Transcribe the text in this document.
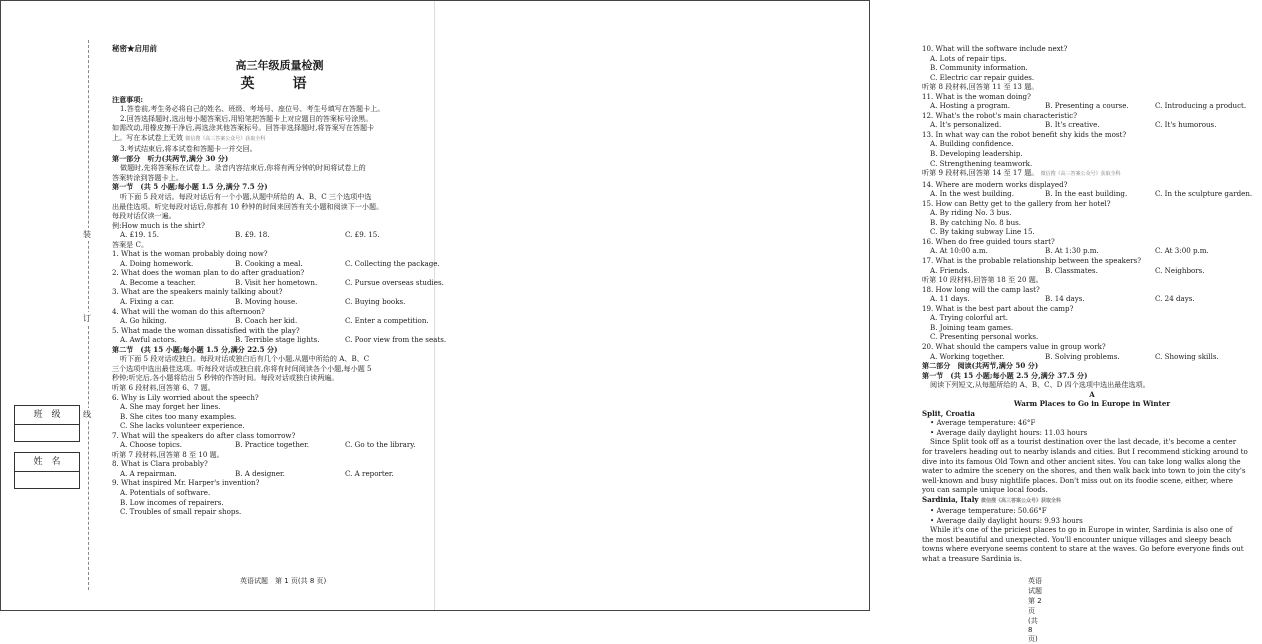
班　级
姓　名
装
订
线
秘密★启用前
高三年级质量检测
英　语
注意事项:
1.答卷前,考生务必将自己的姓名、班级、考场号、座位号、考生号填写在答题卡上。
2.回答选择题时,选出每小题答案后,用铅笔把答题卡上对应题目的答案标号涂黑。
如需改动,用橡皮擦干净后,再选涂其他答案标号。回答非选择题时,将答案写在答题卡
上。写在本试卷上无效 微信搜《高三答案公众号》获取全科
3.考试结束后,将本试卷和答题卡一并交回。
第一部分　听力(共两节,满分 30 分)
做题时,先将答案标在试卷上。录音内容结束后,你将有两分钟的时间将试卷上的
答案转涂到答题卡上。
第一节　(共 5 小题;每小题 1.5 分,满分 7.5 分)
听下面 5 段对话。每段对话后有一个小题,从题中所给的 A、B、C 三个选项中选
出最佳选项。听完每段对话后,你都有 10 秒钟的时间来回答有关小题和阅读下一小题。
每段对话仅读一遍。
例:How much is the shirt?
A. £19. 15.	B. £9. 18.	C. £9. 15.
答案是 C。
1. What is the woman probably doing now?
A. Doing homework.	B. Cooking a meal.	C. Collecting the package.
2. What does the woman plan to do after graduation?
A. Become a teacher.	B. Visit her hometown.	C. Pursue overseas studies.
3. What are the speakers mainly talking about?
A. Fixing a car.	B. Moving house.	C. Buying books.
4. What will the woman do this afternoon?
A. Go hiking.	B. Coach her kid.	C. Enter a competition.
5. What made the woman dissatisfied with the play?
A. Awful actors.	B. Terrible stage lights.	C. Poor view from the seats.
第二节　(共 15 小题;每小题 1.5 分,满分 22.5 分)
听下面 5 段对话或独白。每段对话或独白后有几个小题,从题中所给的 A、B、C
三个选项中选出最佳选项。听每段对话或独白前,你将有时间阅读各个小题,每小题 5
秒钟;听完后,各小题将给出 5 秒钟的作答时间。每段对话或独白读两遍。
听第 6 段材料,回答第 6、7 题。
6. Why is Lily worried about the speech?
A. She may forget her lines.
B. She cites too many examples.
C. She lacks volunteer experience.
7. What will the speakers do after class tomorrow?
A. Choose topics.	B. Practice together.	C. Go to the library.
听第 7 段材料,回答第 8 至 10 题。
8. What is Clara probably?
A. A repairman.	B. A designer.	C. A reporter.
9. What inspired Mr. Harper's invention?
A. Potentials of software.
B. Low incomes of repairers.
C. Troubles of small repair shops.
英语试题　第 1 页(共 8 页)
10. What will the software include next?
A. Lots of repair tips.
B. Community information.
C. Electric car repair guides.
听第 8 段材料,回答第 11 至 13 题。
11. What is the woman doing?
A. Hosting a program.	B. Presenting a course.	C. Introducing a product.
12. What's the robot's main characteristic?
A. It's personalized.	B. It's creative.	C. It's humorous.
13. In what way can the robot benefit shy kids the most?
A. Building confidence.
B. Developing leadership.
C. Strengthening teamwork.
听第 9 段材料,回答第 14 至 17 题。 微信搜《高三答案公众号》获取全科
14. Where are modern works displayed?
A. In the west building.	B. In the east building.	C. In the sculpture garden.
15. How can Betty get to the gallery from her hotel?
A. By riding No. 3 bus.
B. By catching No. 8 bus.
C. By taking subway Line 15.
16. When do free guided tours start?
A. At 10:00 a.m.	B. At 1:30 p.m.	C. At 3:00 p.m.
17. What is the probable relationship between the speakers?
A. Friends.	B. Classmates.	C. Neighbors.
听第 10 段材料,回答第 18 至 20 题。
18. How long will the camp last?
A. 11 days.	B. 14 days.	C. 24 days.
19. What is the best part about the camp?
A. Trying colorful art.
B. Joining team games.
C. Presenting personal works.
20. What should the campers value in group work?
A. Working together.	B. Solving problems.	C. Showing skills.
第二部分　阅读(共两节,满分 50 分)
第一节　(共 15 小题;每小题 2.5 分,满分 37.5 分)
阅读下列短文,从每题所给的 A、B、C、D 四个选项中选出最佳选项。
A
Warm Places to Go in Europe in Winter
Split, Croatia
• Average temperature: 46°F
• Average daily daylight hours: 11.03 hours
Since Split took off as a tourist destination over the last decade, it's become a center
for travelers heading out to nearby islands and cities. But I recommend sticking around to
dive into its famous Old Town and other ancient sites. You can take long walks along the
water to admire the scenery on the shores, and then walk back into town to join the city's
well-known and busy nightlife places. Don't miss out on its foodie scene, either, where
you can sample unique local foods.
Sardinia, Italy 微信搜《高三答案公众号》获取全科
• Average temperature: 50.66°F
• Average daily daylight hours: 9.93 hours
While it's one of the priciest places to go in Europe in winter, Sardinia is also one of
the most beautiful and unexpected. You'll encounter unique villages and sleepy beach
towns where everyone seems content to stare at the waves. Go before everyone finds out
what a treasure Sardinia is.
英语试题　第 2 页(共 8 页)
